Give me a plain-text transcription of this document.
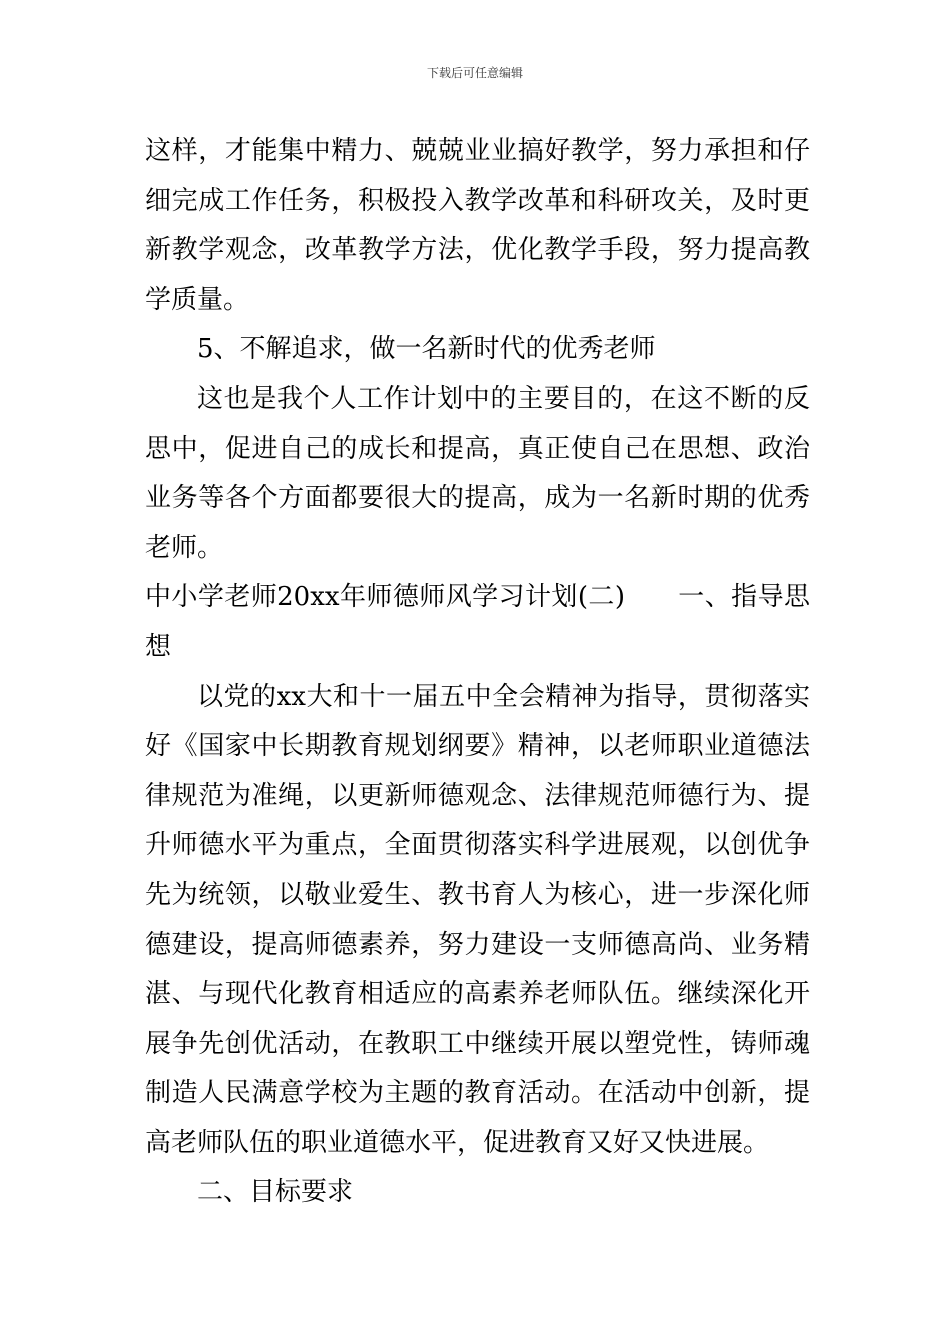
下载后可任意编辑
这样，才能集中精力、兢兢业业搞好教学，努力承担和仔
细完成工作任务，积极投入教学改革和科研攻关，及时更
新教学观念，改革教学方法，优化教学手段，努力提高教
学质量。
5、不解追求，做一名新时代的优秀老师
这也是我个人工作计划中的主要目的，在这不断的反
思中，促进自己的成长和提高，真正使自己在思想、政治
业务等各个方面都要很大的提高，成为一名新时期的优秀
老师。
中小学老师20xx年师德师风学习计划(二)　　一、指导思
想
以党的xx大和十一届五中全会精神为指导，贯彻落实
好《国家中长期教育规划纲要》精神，以老师职业道德法
律规范为准绳，以更新师德观念、法律规范师德行为、提
升师德水平为重点，全面贯彻落实科学进展观，以创优争
先为统领，以敬业爱生、教书育人为核心，进一步深化师
德建设，提高师德素养，努力建设一支师德高尚、业务精
湛、与现代化教育相适应的高素养老师队伍。继续深化开
展争先创优活动，在教职工中继续开展以塑党性，铸师魂
制造人民满意学校为主题的教育活动。在活动中创新，提
高老师队伍的职业道德水平，促进教育又好又快进展。
二、目标要求
